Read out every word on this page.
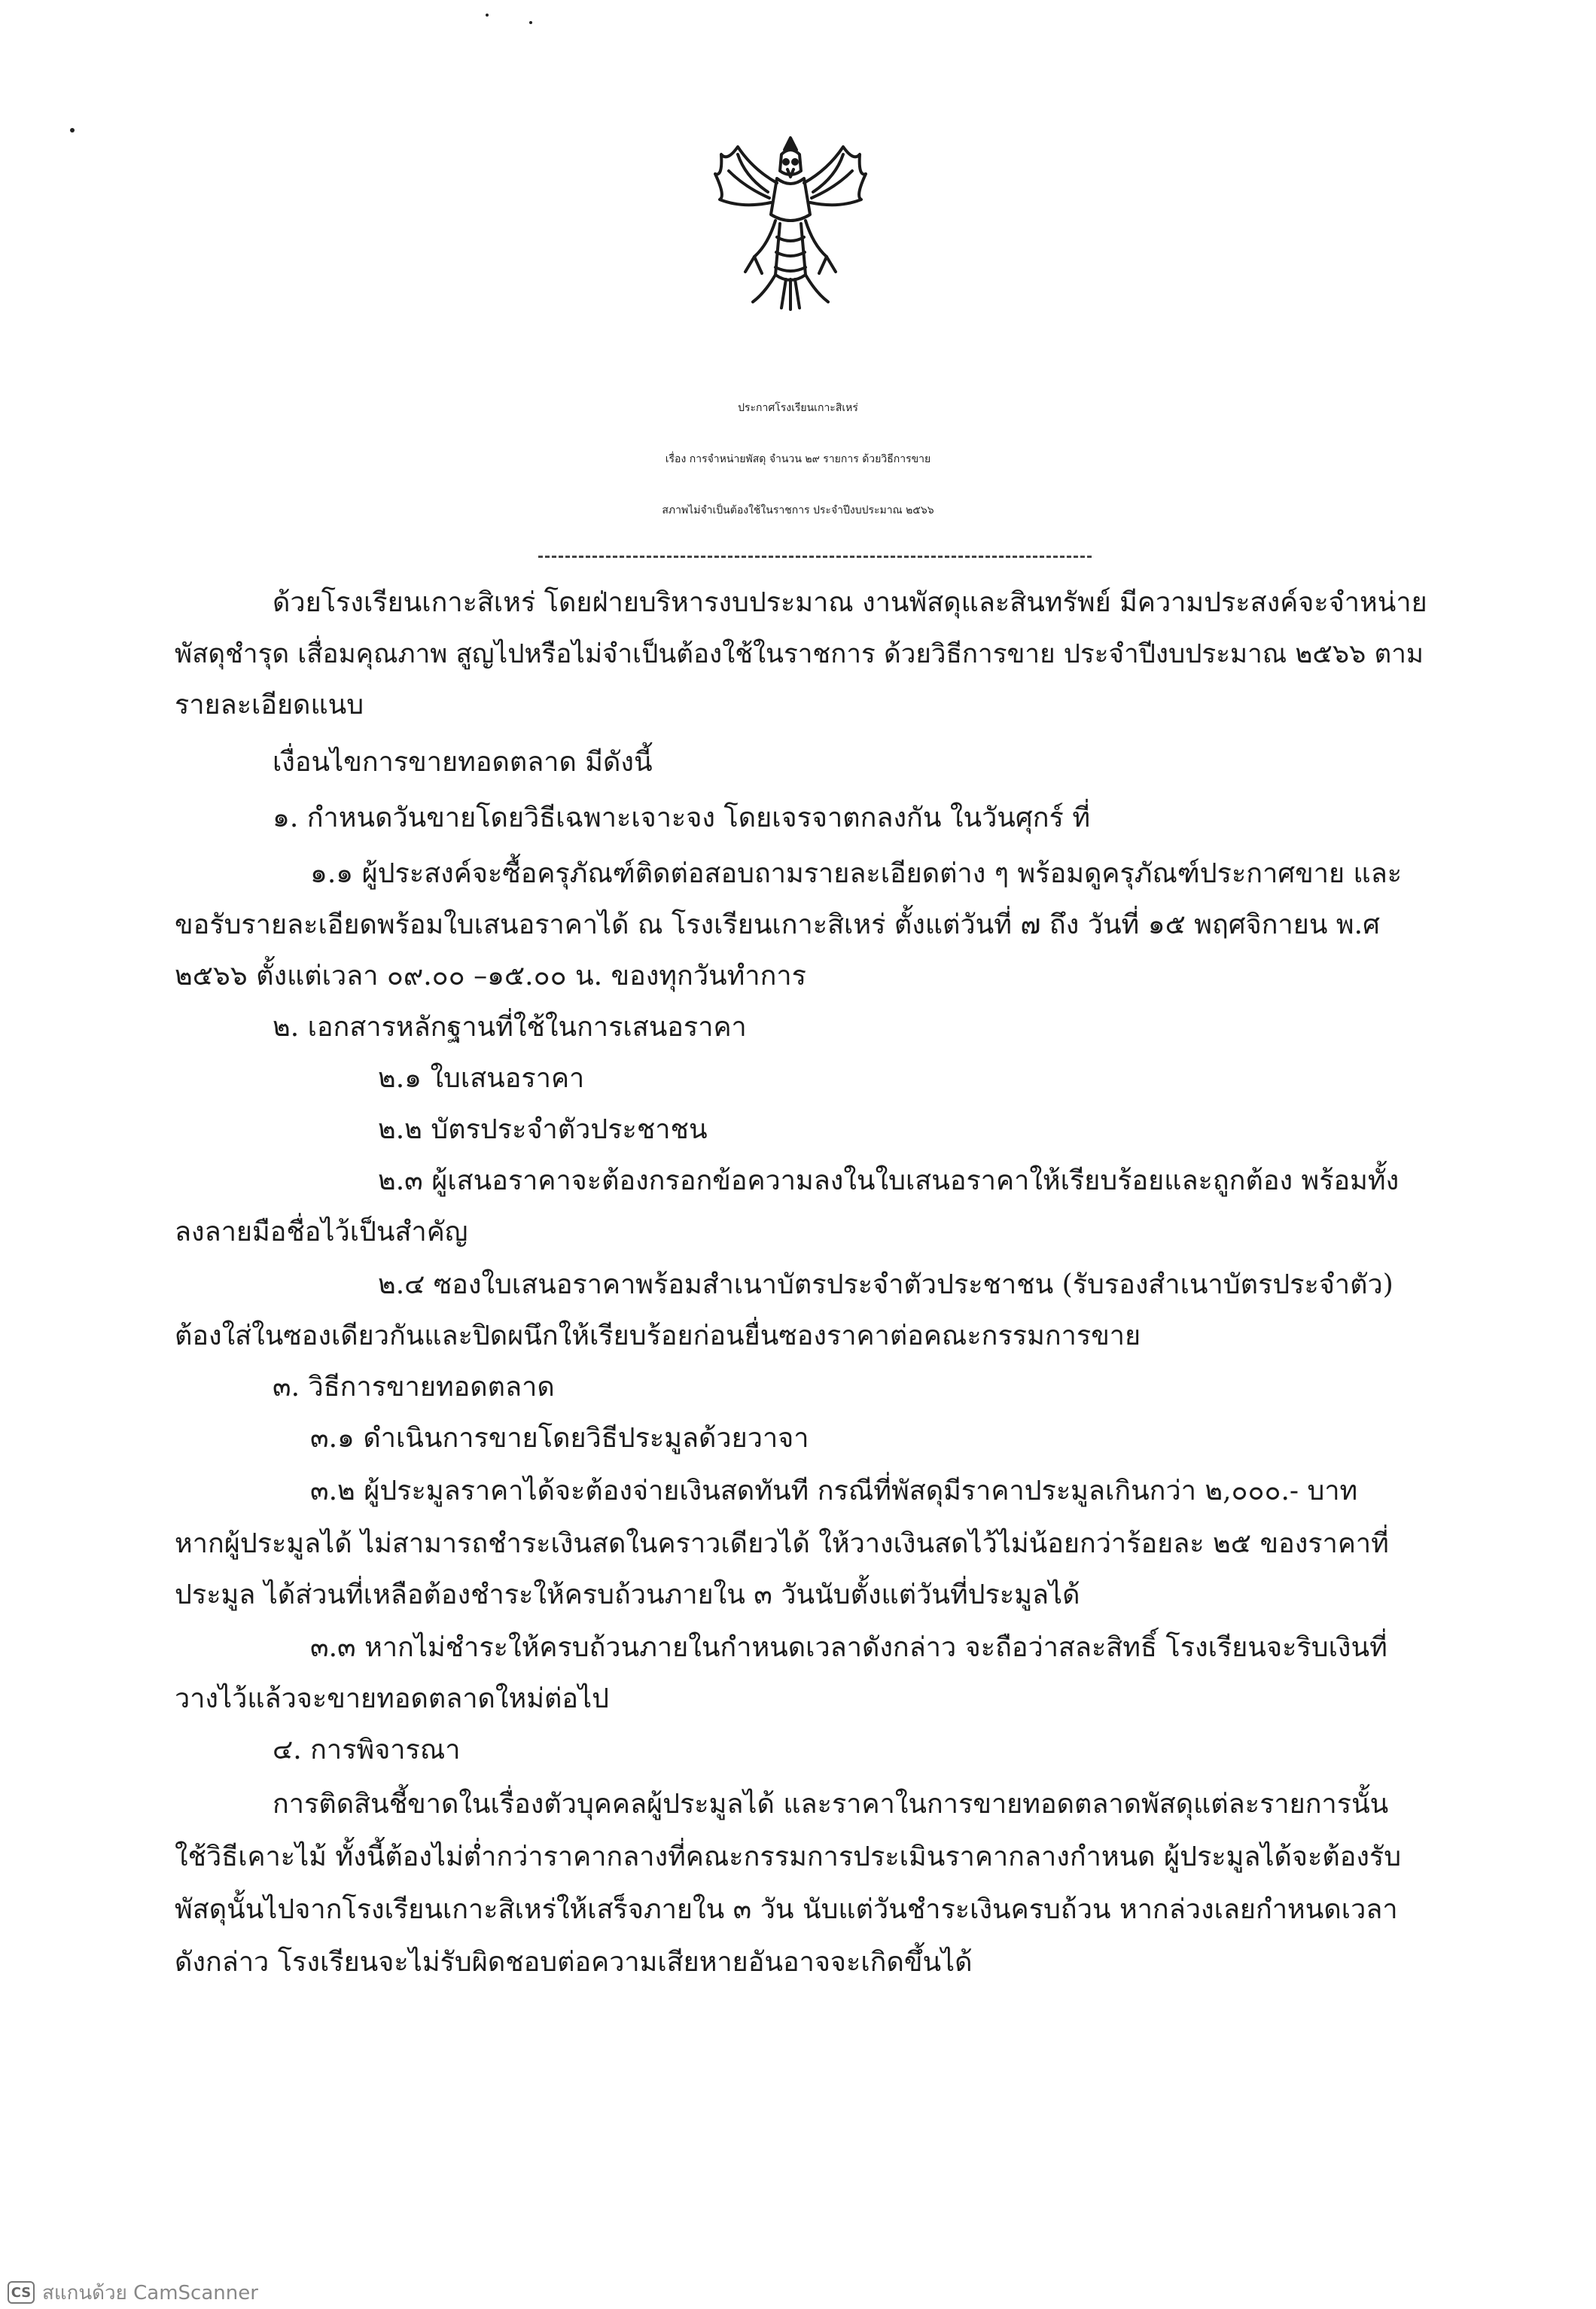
ประกาศโรงเรียนเกาะสิเหร่
เรื่อง การจำหน่ายพัสดุ จำนวน ๒๙ รายการ ด้วยวิธีการขาย
สภาพไม่จำเป็นต้องใช้ในราชการ ประจำปีงบประมาณ ๒๕๖๖
ด้วยโรงเรียนเกาะสิเหร่ โดยฝ่ายบริหารงบประมาณ งานพัสดุและสินทรัพย์ มีความประสงค์จะจำหน่าย
พัสดุชำรุด เสื่อมคุณภาพ สูญไปหรือไม่จำเป็นต้องใช้ในราชการ ด้วยวิธีการขาย ประจำปีงบประมาณ ๒๕๖๖ ตาม
รายละเอียดแนบ
เงื่อนไขการขายทอดตลาด มีดังนี้
๑. กำหนดวันขายโดยวิธีเฉพาะเจาะจง โดยเจรจาตกลงกัน ในวันศุกร์ ที่
๑.๑ ผู้ประสงค์จะซื้อครุภัณฑ์ติดต่อสอบถามรายละเอียดต่าง ๆ พร้อมดูครุภัณฑ์ประกาศขาย และ
ขอรับรายละเอียดพร้อมใบเสนอราคาได้ ณ โรงเรียนเกาะสิเหร่ ตั้งแต่วันที่ ๗ ถึง วันที่ ๑๕ พฤศจิกายน พ.ศ
๒๕๖๖ ตั้งแต่เวลา ๐๙.๐๐ –๑๕.๐๐ น. ของทุกวันทำการ
๒. เอกสารหลักฐานที่ใช้ในการเสนอราคา
๒.๑ ใบเสนอราคา
๒.๒ บัตรประจำตัวประชาชน
๒.๓ ผู้เสนอราคาจะต้องกรอกข้อความลงในใบเสนอราคาให้เรียบร้อยและถูกต้อง พร้อมทั้ง
ลงลายมือชื่อไว้เป็นสำคัญ
๒.๔ ซองใบเสนอราคาพร้อมสำเนาบัตรประจำตัวประชาชน (รับรองสำเนาบัตรประจำตัว)
ต้องใส่ในซองเดียวกันและปิดผนึกให้เรียบร้อยก่อนยื่นซองราคาต่อคณะกรรมการขาย
๓. วิธีการขายทอดตลาด
๓.๑ ดำเนินการขายโดยวิธีประมูลด้วยวาจา
๓.๒ ผู้ประมูลราคาได้จะต้องจ่ายเงินสดทันที กรณีที่พัสดุมีราคาประมูลเกินกว่า ๒,๐๐๐.- บาท
หากผู้ประมูลได้ ไม่สามารถชำระเงินสดในคราวเดียวได้ ให้วางเงินสดไว้ไม่น้อยกว่าร้อยละ ๒๕ ของราคาที่
ประมูล ได้ส่วนที่เหลือต้องชำระให้ครบถ้วนภายใน ๓ วันนับตั้งแต่วันที่ประมูลได้
๓.๓ หากไม่ชำระให้ครบถ้วนภายในกำหนดเวลาดังกล่าว จะถือว่าสละสิทธิ์ โรงเรียนจะริบเงินที่
วางไว้แล้วจะขายทอดตลาดใหม่ต่อไป
๔. การพิจารณา
การติดสินชี้ขาดในเรื่องตัวบุคคลผู้ประมูลได้ และราคาในการขายทอดตลาดพัสดุแต่ละรายการนั้น
ใช้วิธีเคาะไม้ ทั้งนี้ต้องไม่ต่ำกว่าราคากลางที่คณะกรรมการประเมินราคากลางกำหนด ผู้ประมูลได้จะต้องรับ
พัสดุนั้นไปจากโรงเรียนเกาะสิเหร่ให้เสร็จภายใน ๓ วัน นับแต่วันชำระเงินครบถ้วน หากล่วงเลยกำหนดเวลา
ดังกล่าว โรงเรียนจะไม่รับผิดชอบต่อความเสียหายอันอาจจะเกิดขึ้นได้
CS สแกนด้วย CamScanner
